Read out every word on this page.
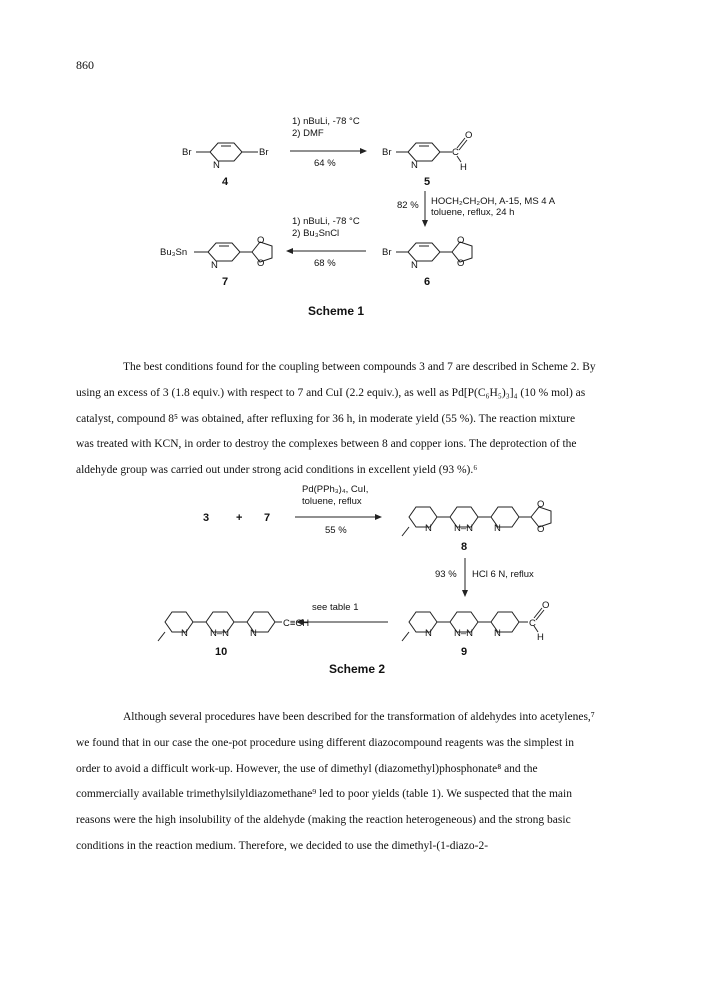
860
Br	Br
N
4
1) nBuLi, -78 °C
2) DMF
64 %
Br	C
O
H
N
5
82 % HOCH₂CH₂OH, A-15, MS 4 A
toluene, reflux, 24 h
Br
O
O
N
6
1) nBuLi, -78 °C
2) Bu₃SnCl
68 %
Bu₃Sn
O
O
N
7
Scheme 1
The best conditions found for the coupling between compounds 3 and 7 are described in Scheme 2. By
using an excess of 3 (1.8 equiv.) with respect to 7 and CuI (2.2 equiv.), as well as Pd[P(C₆H₅)₃]₄ (10 % mol) as
catalyst, compound 8⁵ was obtained, after refluxing for 36 h, in moderate yield (55 %). The reaction mixture
was treated with KCN, in order to destroy the complexes between 8 and copper ions. The deprotection of the
aldehyde group was carried out under strong acid conditions in excellent yield (93 %).⁶
3 + 7
Pd(PPh₃)₄, CuI,
toluene, reflux
55 %	N N–N N
O
O
8
93 % HCl 6 N, reflux
C
O
H
N N–N N
9
see table 1
C≡CH
N N–N N
10
Scheme 2
Although several procedures have been described for the transformation of aldehydes into acetylenes,⁷
we found that in our case the one-pot procedure using different diazocompound reagents was the simplest in
order to avoid a difficult work-up. However, the use of dimethyl (diazomethyl)phosphonate⁸ and the
commercially available trimethylsilyldiazomethane⁹ led to poor yields (table 1). We suspected that the main
reasons were the high insolubility of the aldehyde (making the reaction heterogeneous) and the strong basic
conditions in the reaction medium. Therefore, we decided to use the dimethyl-(1-diazo-2-
